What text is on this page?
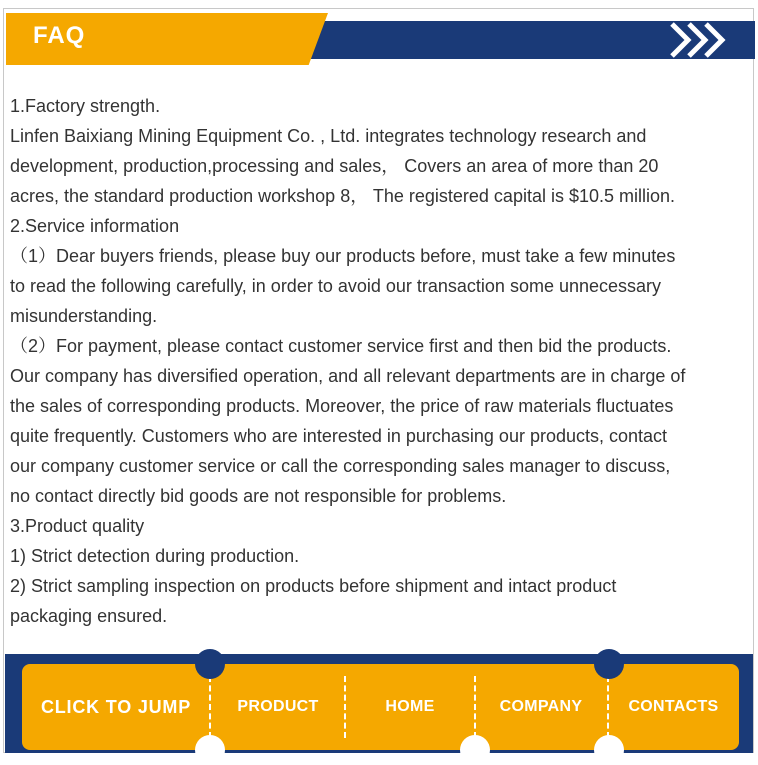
FAQ

1.Factory strength.

Linfen Baixiang Mining Equipment Co. , Ltd. integrates technology research and

development, production,processing and sales， Covers an area of more than 20

acres, the standard production workshop 8， The registered capital is $10.5 million.

2.Service information

（1）Dear buyers friends, please buy our products before, must take a few minutes

to read the following carefully, in order to avoid our transaction some unnecessary

misunderstanding.

（2）For payment, please contact customer service first and then bid the products.

Our company has diversified operation, and all relevant departments are in charge of

the sales of corresponding products. Moreover, the price of raw materials fluctuates

quite frequently. Customers who are interested in purchasing our products, contact

our company customer service or call the corresponding sales manager to discuss,

no contact directly bid goods are not responsible for problems.

3.Product quality

1) Strict detection during production.

2) Strict sampling inspection on products before shipment and intact product

packaging ensured.

CLICK TO JUMP	PRODUCT	HOME	COMPANY	CONTACTS
